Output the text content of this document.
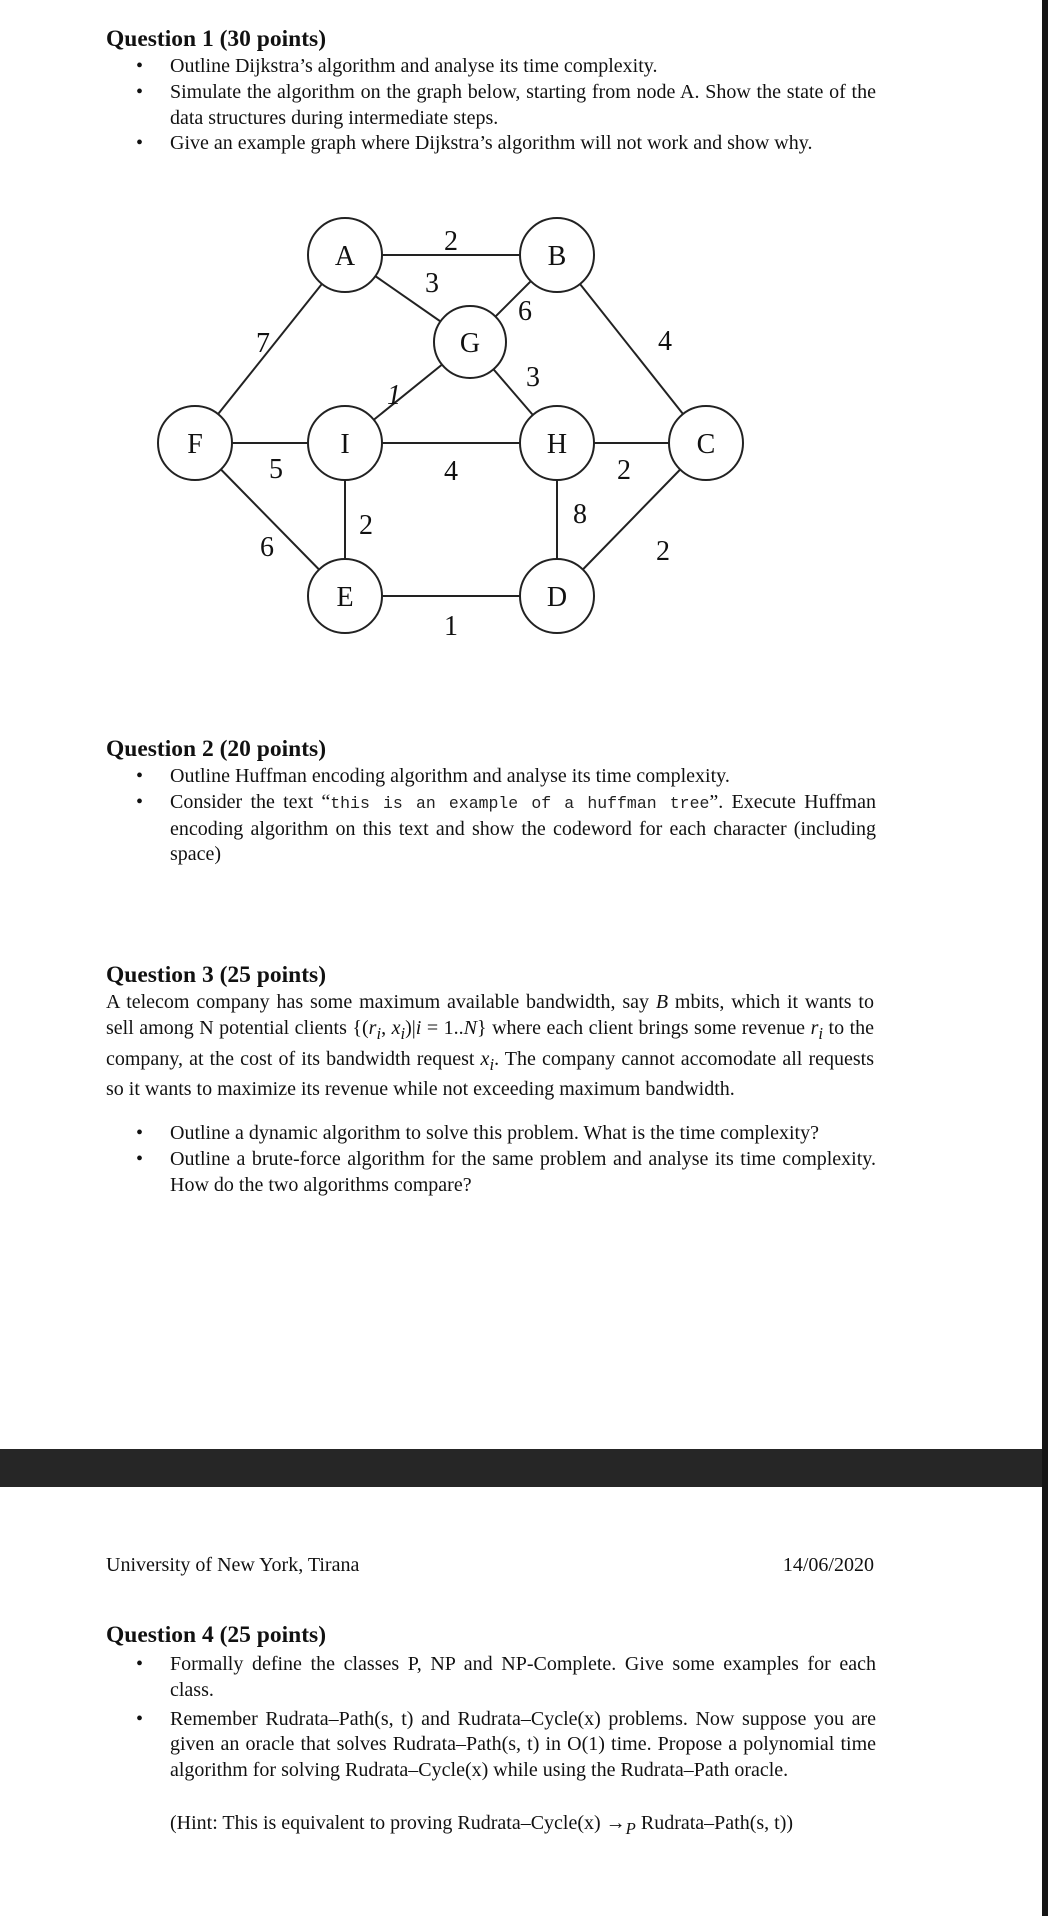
Question 1 (30 points)
• Outline Dijkstra’s algorithm and analyse its time complexity.
• Simulate the algorithm on the graph below, starting from node A. Show the state of the data structures during intermediate steps.
• Give an example graph where Dijkstra’s algorithm will not work and show why.
2
3
6
7	4
1
3
5	4	2
6
2	8
2
1
A	B
G
F	I	H	C
E	D
Question 2 (20 points)
• Outline Huffman encoding algorithm and analyse its time complexity.
• Consider the text “this is an example of a huffman tree”. Execute Huffman encoding algorithm on this text and show the codeword for each character (including space)
Question 3 (25 points)
A telecom company has some maximum available bandwidth, say B mbits, which it wants to sell among N potential clients {($r_i$, $x_i)|i = 1..N$} where each client brings some revenue $r_i$ to the company, at the cost of its bandwidth request $x_i$. The company cannot accomodate all requests so it wants to maximize its revenue while not exceeding maximum bandwidth.
• Outline a dynamic algorithm to solve this problem. What is the time complexity?
• Outline a brute-force algorithm for the same problem and analyse its time complexity. How do the two algorithms compare?
University of New York, Tirana	14/06/2020
Question 4 (25 points)
• Formally define the classes P, NP and NP-Complete. Give some examples for each class.
• Remember Rudrata–Path(s, t) and Rudrata–Cycle(x) problems. Now suppose you are given an oracle that solves Rudrata–Path(s, t) in O(1) time. Propose a polynomial time algorithm for solving Rudrata–Cycle(x) while using the Rudrata–Path oracle.
(Hint: This is equivalent to proving Rudrata–Cycle(x) $\to_P$ Rudrata–Path(s, t))
